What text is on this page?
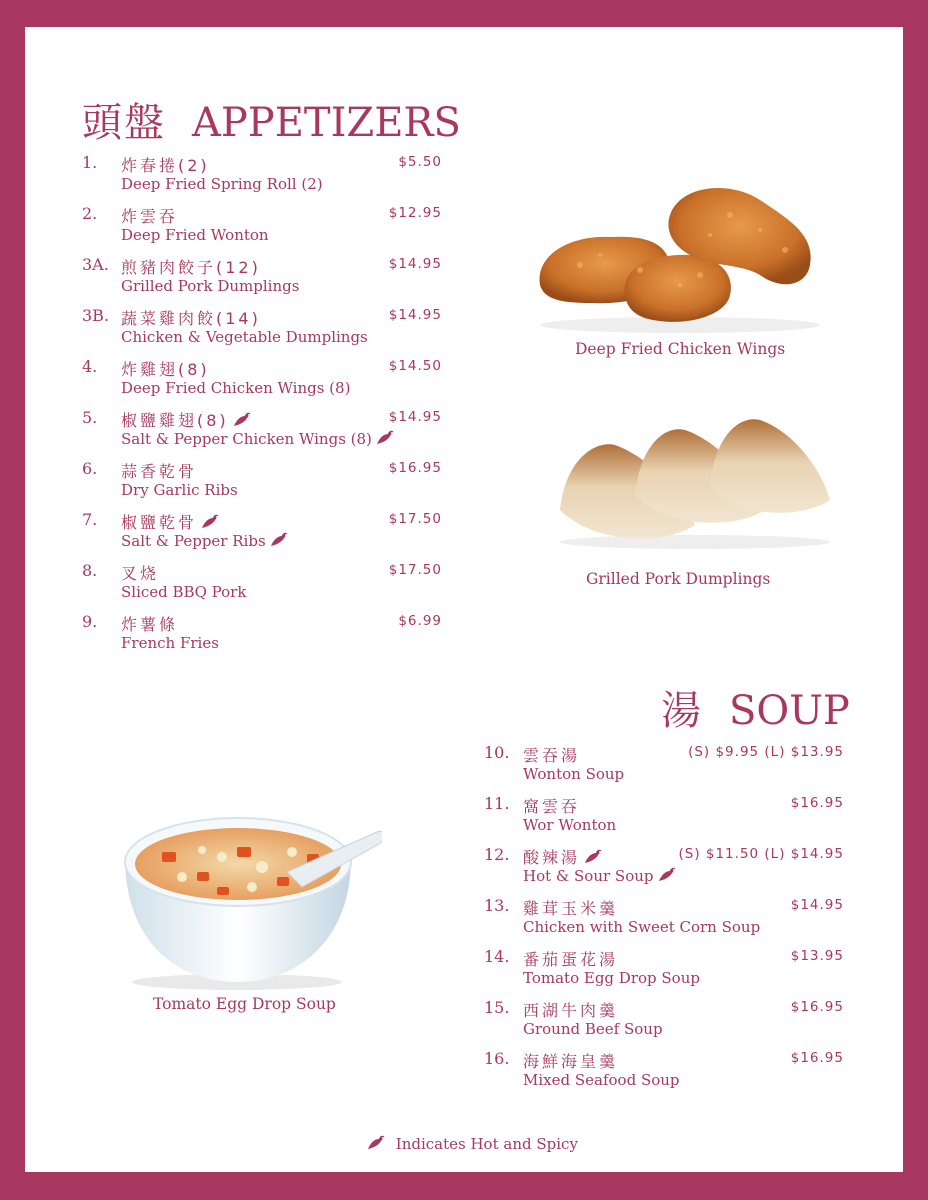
頭盤 APPETIZERS
1. 炸春捲(2)
Deep Fried Spring Roll (2)
$5.50
2. 炸雲吞
Deep Fried Wonton
$12.95
3A. 煎豬肉餃子(12)
Grilled Pork Dumplings
$14.95
3B. 蔬菜雞肉餃(14)
Chicken & Vegetable Dumplings
$14.95
4. 炸雞翅(8)
Deep Fried Chicken Wings (8)
$14.50
5. 椒鹽雞翅(8)
Salt & Pepper Chicken Wings (8)
$14.95
6. 蒜香乾骨
Dry Garlic Ribs
$16.95
7. 椒鹽乾骨
Salt & Pepper Ribs
$17.50
8. 叉烧
Sliced BBQ Pork
$17.50
9. 炸薯條
French Fries
$6.99
Deep Fried Chicken Wings
Grilled Pork Dumplings
湯 SOUP
10. 雲吞湯
Wonton Soup
(S) $9.95 (L) $13.95
11. 窩雲吞
Wor Wonton
$16.95
12. 酸辣湯
Hot & Sour Soup
(S) $11.50 (L) $14.95
13. 雞茸玉米羹
Chicken with Sweet Corn Soup
$14.95
14. 番茄蛋花湯
Tomato Egg Drop Soup
$13.95
15. 西湖牛肉羹
Ground Beef Soup
$16.95
16. 海鮮海皇羹
Mixed Seafood Soup
$16.95
Tomato Egg Drop Soup
Indicates Hot and Spicy
